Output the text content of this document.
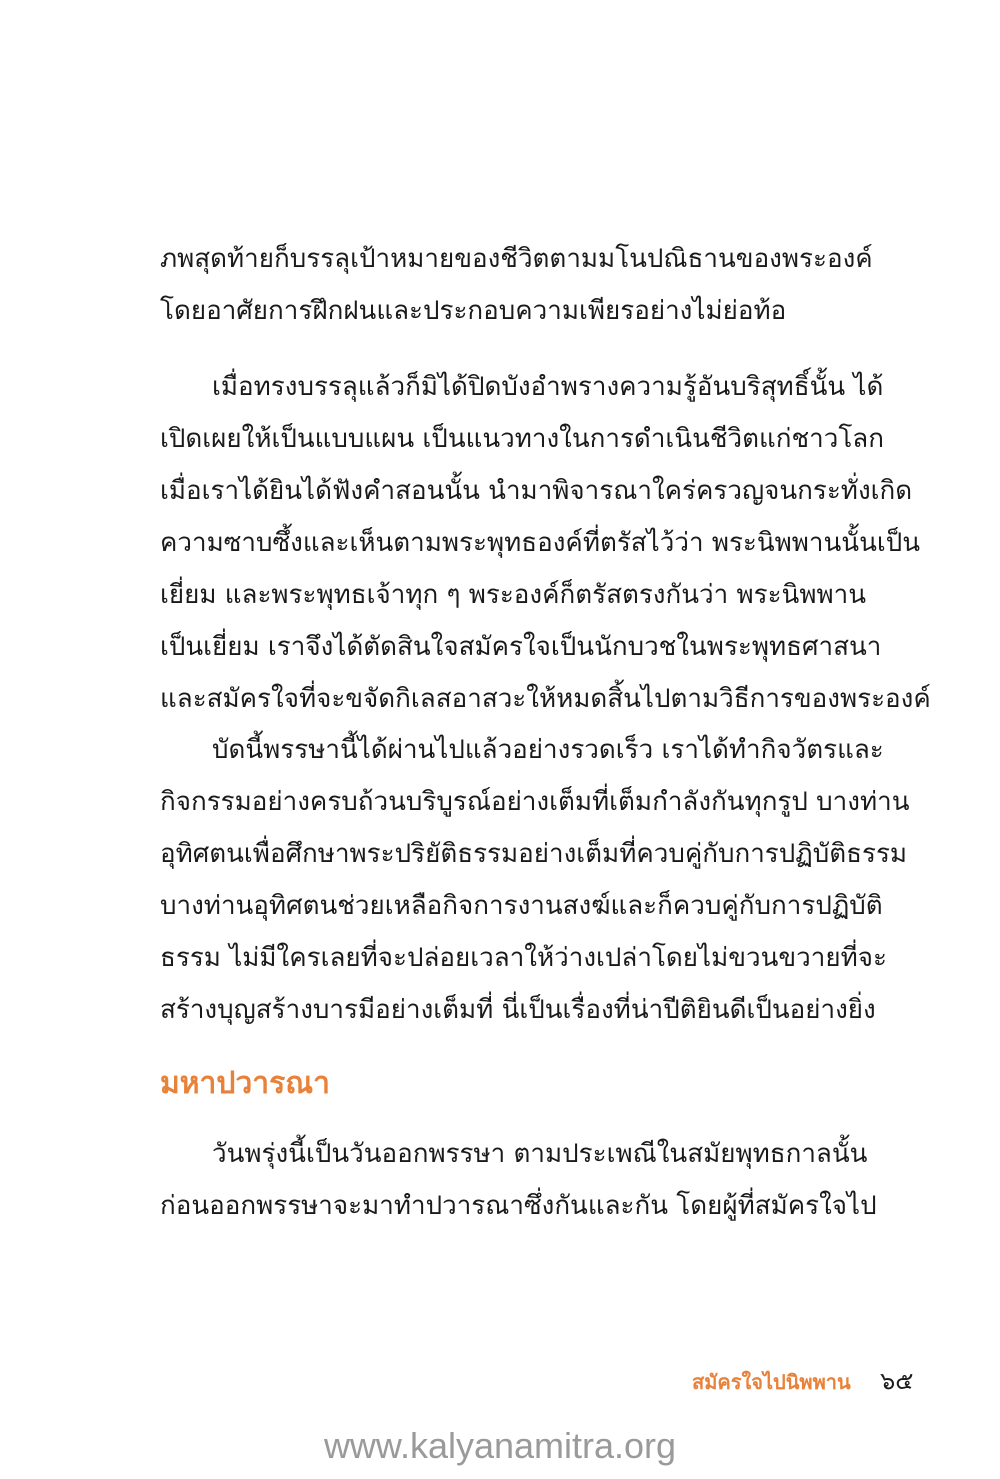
ภพสุดท้ายก็บรรลุเป้าหมายของชีวิตตามมโนปณิธานของพระองค์
โดยอาศัยการฝึกฝนและประกอบความเพียรอย่างไม่ย่อท้อ
เมื่อทรงบรรลุแล้วก็มิได้ปิดบังอำพรางความรู้อันบริสุทธิ์นั้น ได้
เปิดเผยให้เป็นแบบแผน เป็นแนวทางในการดำเนินชีวิตแก่ชาวโลก
เมื่อเราได้ยินได้ฟังคำสอนนั้น นำมาพิจารณาใคร่ครวญจนกระทั่งเกิด
ความซาบซึ้งและเห็นตามพระพุทธองค์ที่ตรัสไว้ว่า พระนิพพานนั้นเป็น
เยี่ยม และพระพุทธเจ้าทุก ๆ พระองค์ก็ตรัสตรงกันว่า พระนิพพาน
เป็นเยี่ยม เราจึงได้ตัดสินใจสมัครใจเป็นนักบวชในพระพุทธศาสนา
และสมัครใจที่จะขจัดกิเลสอาสวะให้หมดสิ้นไปตามวิธีการของพระองค์
บัดนี้พรรษานี้ได้ผ่านไปแล้วอย่างรวดเร็ว เราได้ทำกิจวัตรและ
กิจกรรมอย่างครบถ้วนบริบูรณ์อย่างเต็มที่เต็มกำลังกันทุกรูป บางท่าน
อุทิศตนเพื่อศึกษาพระปริยัติธรรมอย่างเต็มที่ควบคู่กับการปฏิบัติธรรม
บางท่านอุทิศตนช่วยเหลือกิจการงานสงฆ์และก็ควบคู่กับการปฏิบัติ
ธรรม ไม่มีใครเลยที่จะปล่อยเวลาให้ว่างเปล่าโดยไม่ขวนขวายที่จะ
สร้างบุญสร้างบารมีอย่างเต็มที่ นี่เป็นเรื่องที่น่าปีติยินดีเป็นอย่างยิ่ง
มหาปวารณา
วันพรุ่งนี้เป็นวันออกพรรษา ตามประเพณีในสมัยพุทธกาลนั้น
ก่อนออกพรรษาจะมาทำปวารณาซึ่งกันและกัน โดยผู้ที่สมัครใจไป
สมัครใจไปนิพพาน ๖๕
www.kalyanamitra.org
